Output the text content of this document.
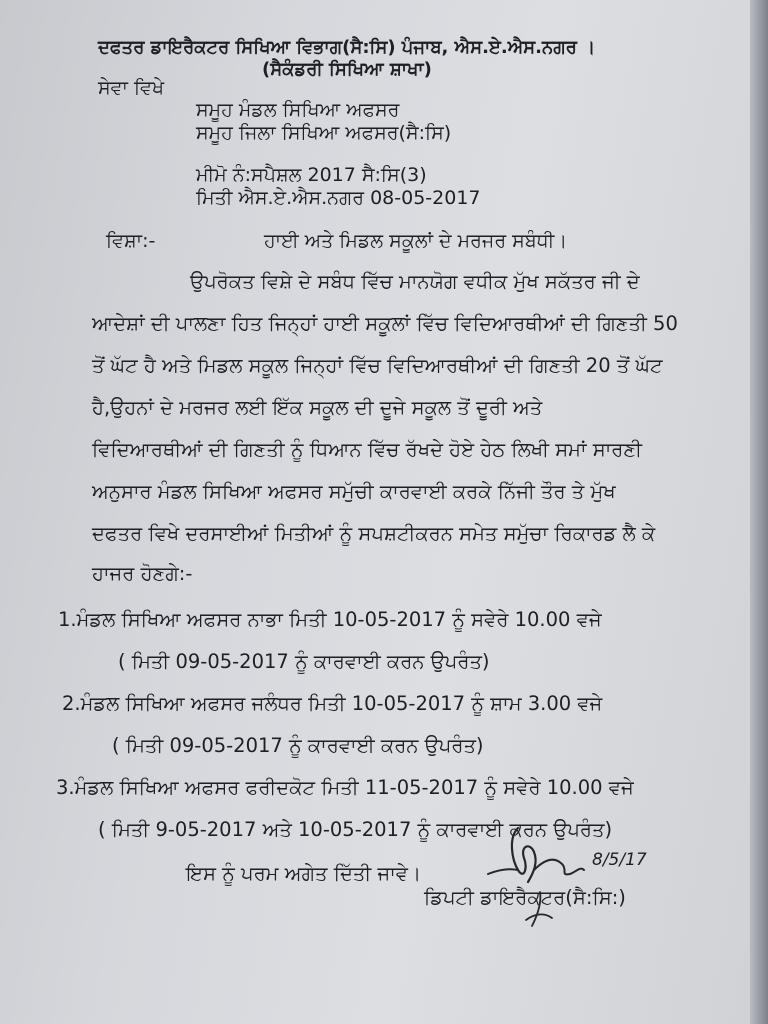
ਦਫਤਰ ਡਾਇਰੈਕਟਰ ਸਿਖਿਆ ਵਿਭਾਗ(ਸੈ:ਸਿ) ਪੰਜਾਬ, ਐਸ.ਏ.ਐਸ.ਨਗਰ ।

(ਸੈਕੰਡਰੀ ਸਿਖਿਆ ਸ਼ਾਖਾ)

ਸੇਵਾ ਵਿਖੇ

ਸਮੂਹ ਮੰਡਲ ਸਿਖਿਆ ਅਫਸਰ

ਸਮੂਹ ਜਿਲਾ ਸਿਖਿਆ ਅਫਸਰ(ਸੈ:ਸਿ)

ਮੀਮੋ ਨੰ:ਸਪੈਸ਼ਲ 2017 ਸੈ:ਸਿ(3)

ਮਿਤੀ ਐਸ.ਏ.ਐਸ.ਨਗਰ 08-05-2017

ਵਿਸ਼ਾ:-	ਹਾਈ ਅਤੇ ਮਿਡਲ ਸਕੂਲਾਂ ਦੇ ਮਰਜਰ ਸਬੰਧੀ।

ਉਪਰੋਕਤ ਵਿਸ਼ੇ ਦੇ ਸਬੰਧ ਵਿੱਚ ਮਾਨਯੋਗ ਵਧੀਕ ਮੁੱਖ ਸਕੱਤਰ ਜੀ ਦੇ

ਆਦੇਸ਼ਾਂ ਦੀ ਪਾਲਣਾ ਹਿਤ ਜਿਨ੍ਹਾਂ ਹਾਈ ਸਕੂਲਾਂ ਵਿੱਚ ਵਿਦਿਆਰਥੀਆਂ ਦੀ ਗਿਣਤੀ 50

ਤੋਂ ਘੱਟ ਹੈ ਅਤੇ ਮਿਡਲ ਸਕੂਲ ਜਿਨ੍ਹਾਂ ਵਿੱਚ ਵਿਦਿਆਰਥੀਆਂ ਦੀ ਗਿਣਤੀ 20 ਤੋਂ ਘੱਟ

ਹੈ,ਉਹਨਾਂ ਦੇ ਮਰਜਰ ਲਈ ਇੱਕ ਸਕੂਲ ਦੀ ਦੂਜੇ ਸਕੂਲ ਤੋਂ ਦੂਰੀ ਅਤੇ

ਵਿਦਿਆਰਥੀਆਂ ਦੀ ਗਿਣਤੀ ਨੂੰ ਧਿਆਨ ਵਿੱਚ ਰੱਖਦੇ ਹੋਏ ਹੇਠ ਲਿਖੀ ਸਮਾਂ ਸਾਰਣੀ

ਅਨੁਸਾਰ ਮੰਡਲ ਸਿਖਿਆ ਅਫਸਰ ਸਮੁੱਚੀ ਕਾਰਵਾਈ ਕਰਕੇ ਨਿੱਜੀ ਤੌਰ ਤੇ ਮੁੱਖ

ਦਫਤਰ ਵਿਖੇ ਦਰਸਾਈਆਂ ਮਿਤੀਆਂ ਨੂੰ ਸਪਸ਼ਟੀਕਰਨ ਸਮੇਤ ਸਮੁੱਚਾ ਰਿਕਾਰਡ ਲੈ ਕੇ

ਹਾਜਰ ਹੋਣਗੇ:-

1.ਮੰਡਲ ਸਿਖਿਆ ਅਫਸਰ ਨਾਭਾ ਮਿਤੀ 10-05-2017 ਨੂੰ ਸਵੇਰੇ 10.00 ਵਜੇ

( ਮਿਤੀ 09-05-2017 ਨੂੰ ਕਾਰਵਾਈ ਕਰਨ ਉਪਰੰਤ)

2.ਮੰਡਲ ਸਿਖਿਆ ਅਫਸਰ ਜਲੰਧਰ ਮਿਤੀ 10-05-2017 ਨੂੰ ਸ਼ਾਮ 3.00 ਵਜੇ

( ਮਿਤੀ 09-05-2017 ਨੂੰ ਕਾਰਵਾਈ ਕਰਨ ਉਪਰੰਤ)

3.ਮੰਡਲ ਸਿਖਿਆ ਅਫਸਰ ਫਰੀਦਕੋਟ ਮਿਤੀ 11-05-2017 ਨੂੰ ਸਵੇਰੇ 10.00 ਵਜੇ

( ਮਿਤੀ 9-05-2017 ਅਤੇ 10-05-2017 ਨੂੰ ਕਾਰਵਾਈ ਕਰਨ ਉਪਰੰਤ)

ਇਸ ਨੂੰ ਪਰਮ ਅਗੇਤ ਦਿੱਤੀ ਜਾਵੇ।

8/5/17

ਡਿਪਟੀ ਡਾਇਰੈਕਟਰ(ਸੈ:ਸਿ:)
